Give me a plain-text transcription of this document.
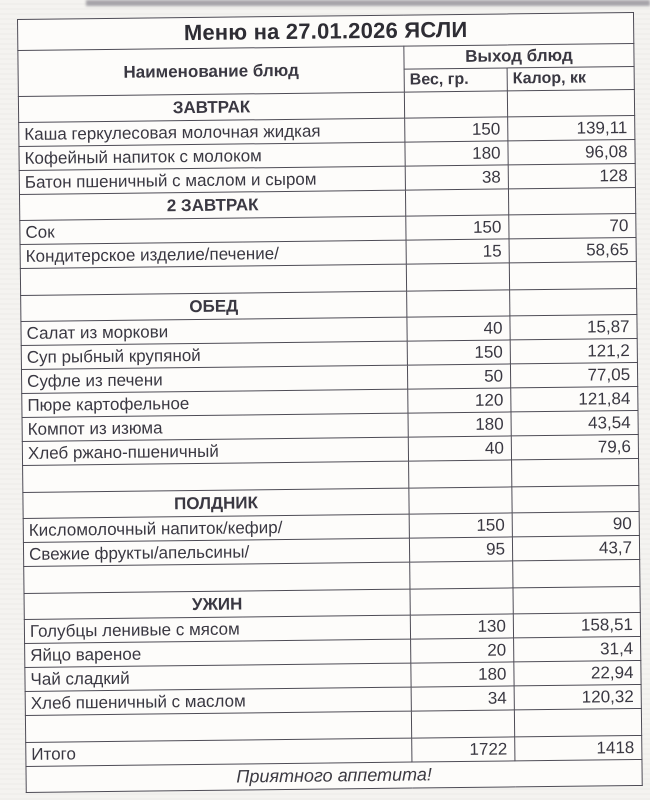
Меню на 27.01.2026 ЯСЛИ		
Наименование блюд	Выход блюд	
	Вес, гр.	Калор, кк
ЗАВТРАК		
Каша геркулесовая молочная жидкая	150	139,11
Кофейный напиток с молоком	180	96,08
Батон пшеничный с маслом и сыром	38	128
2 ЗАВТРАК		
Сок	150	70
Кондитерское изделие/печение/	15	58,65

ОБЕД		
Салат из моркови	40	15,87
Суп рыбный крупяной	150	121,2
Суфле из печени	50	77,05
Пюре картофельное	120	121,84
Компот из изюма	180	43,54
Хлеб ржано-пшеничный	40	79,6

ПОЛДНИК		
Кисломолочный напиток/кефир/	150	90
Свежие фрукты/апельсины/	95	43,7

УЖИН		
Голубцы ленивые с мясом	130	158,51
Яйцо вареное	20	31,4
Чай сладкий	180	22,94
Хлеб пшеничный с маслом	34	120,32

Итого	1722	1418
Приятного аппетита!		
